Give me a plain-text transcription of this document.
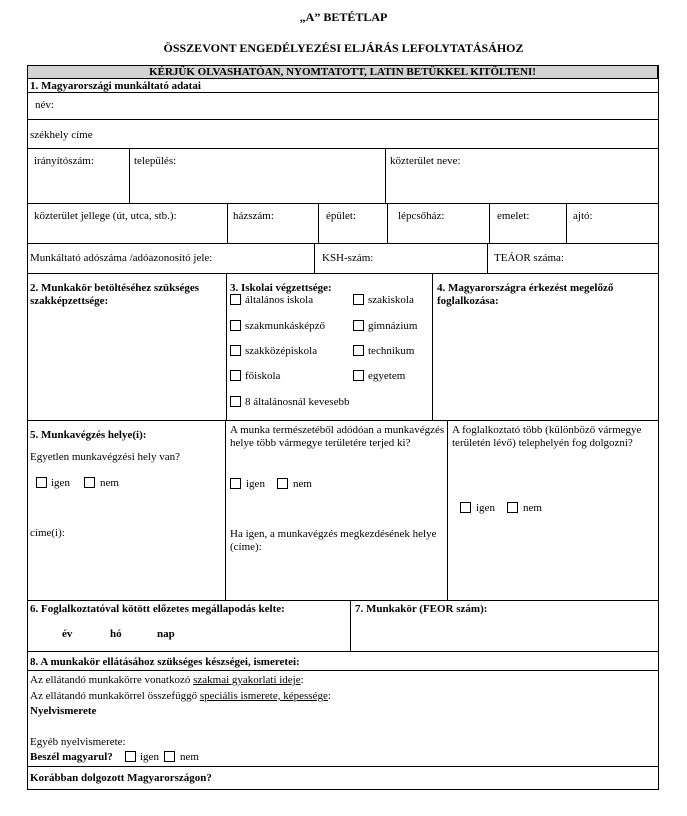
„A” BETÉTLAP
ÖSSZEVONT ENGEDÉLYEZÉSI ELJÁRÁS LEFOLYTATÁSÁHOZ
KÉRJÜK OLVASHATÓAN, NYOMTATOTT, LATIN BETÜKKEL KITÖLTENI!
1. Magyarországi munkáltató adatai
név:
székhely címe
irányítószám:	település:	közterület neve:
közterület jellege (út, utca, stb.):	házszám:	épület:	lépcsőház:	emelet:	ajtó:
Munkáltató adószáma /adóazonosító jele:	KSH-szám:	TEÁOR száma:
2. Munkakör betöltéséhez szükséges szakképzettsége:
3. Iskolai végzettsége:	4. Magyarországra érkezést megelőző foglalkozása:
általános iskola	szakiskola
szakmunkásképző	gimnázium
szakközépiskola	technikum
főiskola	egyetem
8 általánosnál kevesebb
5. Munkavégzés helye(i):
Egyetlen munkavégzési hely van?
igen	nem
címe(i):
A munka természetéből adódóan a munkavégzés helye több vármegye területére terjed ki?
igen	nem
Ha igen, a munkavégzés megkezdésének helye (címe):
A foglalkoztató több (különböző vármegye területén lévő) telephelyén fog dolgozni?
igen	nem
6. Foglalkoztatóval kötött előzetes megállapodás kelte:
év	hó	nap
7. Munkakör (FEOR szám):
8. A munkakör ellátásához szükséges készségei, ismeretei:
Az ellátandó munkakörre vonatkozó szakmai gyakorlati ideje:
Az ellátandó munkakörrel összefüggő speciális ismerete, képessége:
Nyelvismerete
Egyéb nyelvismerete:
Beszél magyarul? igen nem
Korábban dolgozott Magyarországon?
